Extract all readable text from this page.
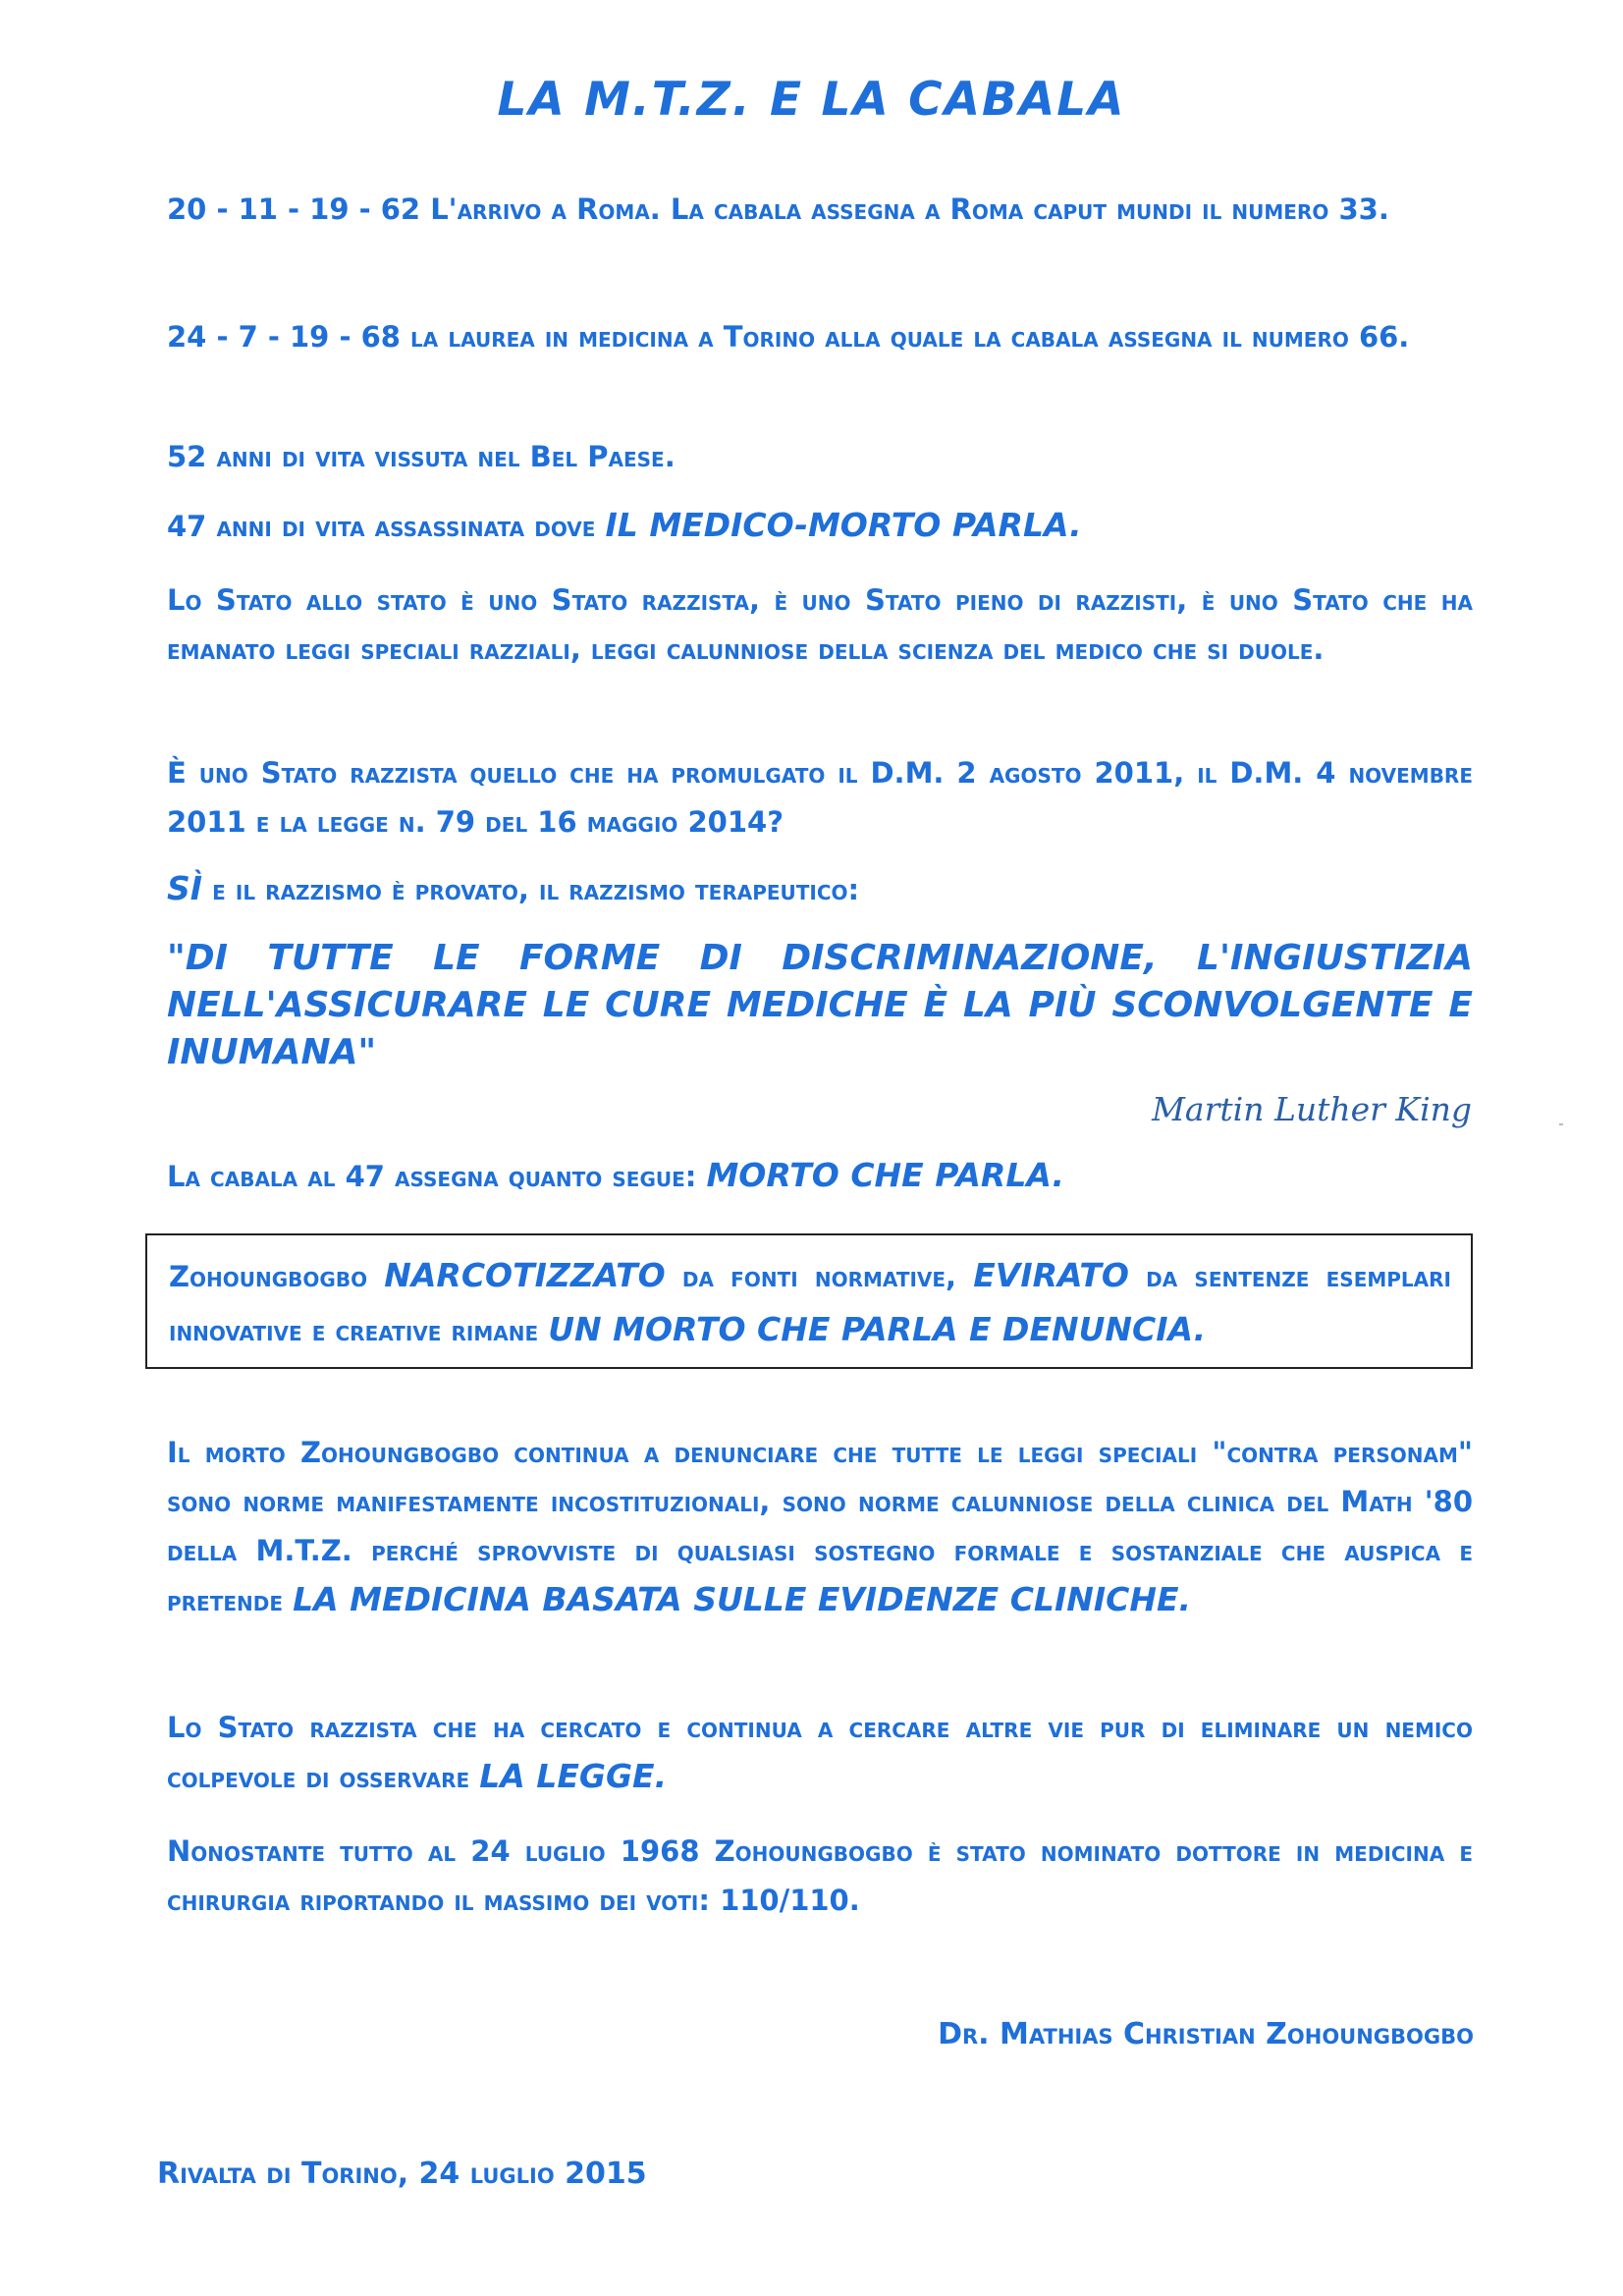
LA M.T.Z. E LA CABALA
20 - 11 - 19 - 62 L'arrivo a Roma. La cabala assegna a Roma caput mundi il numero 33.
24 - 7 - 19 - 68 la laurea in medicina a Torino alla quale la cabala assegna il numero 66.
52 anni di vita vissuta nel Bel Paese.
47 anni di vita assassinata dove IL MEDICO-MORTO PARLA.
Lo Stato allo stato è uno Stato razzista, è uno Stato pieno di razzisti, è uno Stato che ha emanato leggi speciali razziali, leggi calunniose della scienza del medico che si duole.
È uno Stato razzista quello che ha promulgato il D.M. 2 agosto 2011, il D.M. 4 novembre 2011 e la legge n. 79 del 16 maggio 2014?
SÌ e il razzismo è provato, il razzismo terapeutico:
"DI TUTTE LE FORME DI DISCRIMINAZIONE, L'INGIUSTIZIA
NELL'ASSICURARE LE CURE MEDICHE È LA PIÙ SCONVOLGENTE E INUMANA"
Martin Luther King
La cabala al 47 assegna quanto segue: MORTO CHE PARLA.
Zohoungbogbo NARCOTIZZATO da fonti normative, EVIRATO da sentenze esemplari innovative e creative rimane UN MORTO CHE PARLA E DENUNCIA.
Il morto Zohoungbogbo continua a denunciare che tutte le leggi speciali "contra personam" sono norme manifestamente incostituzionali, sono norme calunniose della clinica del Math '80 della M.T.Z. perché sprovviste di qualsiasi sostegno formale e sostanziale che auspica e pretende LA MEDICINA BASATA SULLE EVIDENZE CLINICHE.
Lo Stato razzista che ha cercato e continua a cercare altre vie pur di eliminare un nemico colpevole di osservare LA LEGGE.
Nonostante tutto al 24 luglio 1968 Zohoungbogbo è stato nominato dottore in medicina e chirurgia riportando il massimo dei voti: 110/110.
Dr. Mathias Christian Zohoungbogbo
Rivalta di Torino, 24 luglio 2015
